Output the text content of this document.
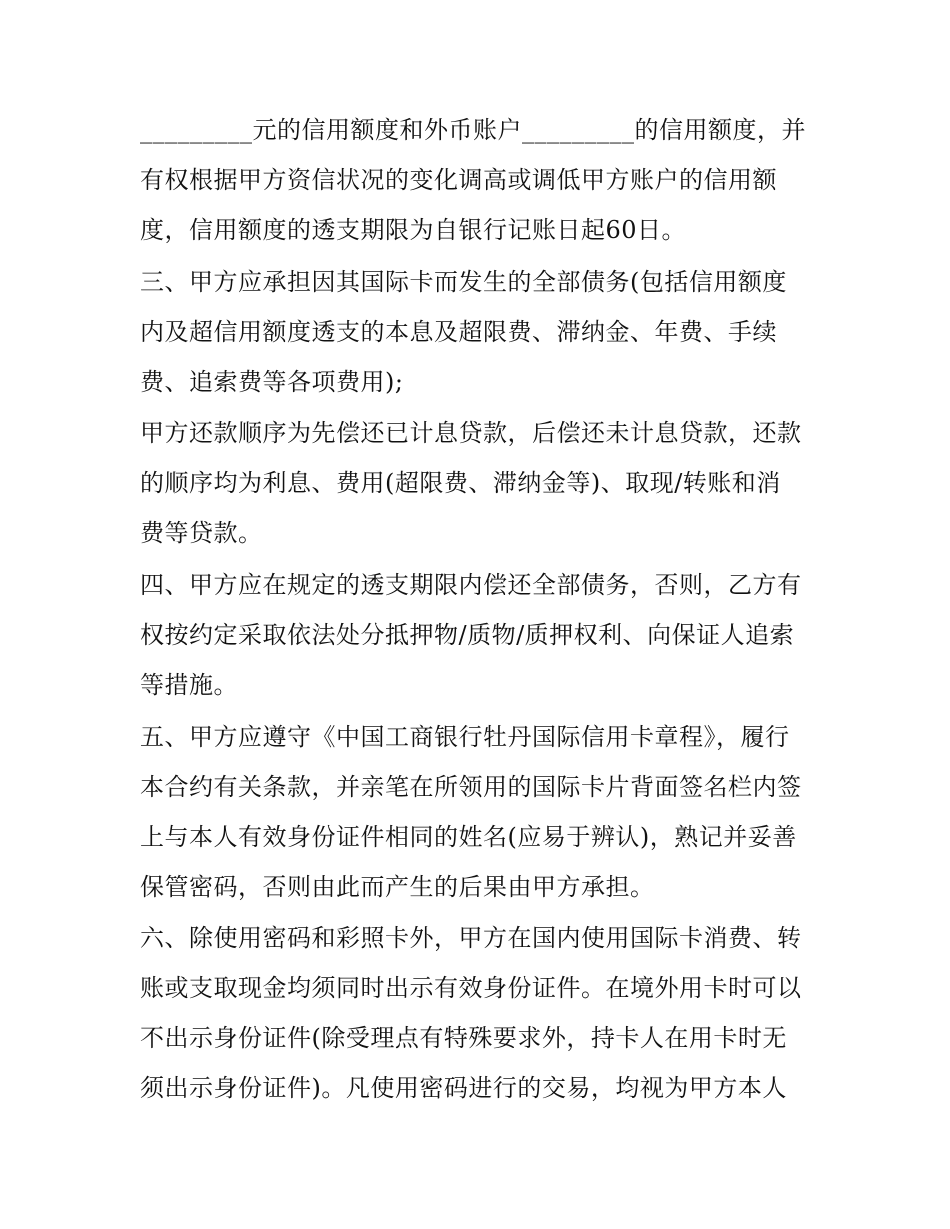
_________元的信用额度和外币账户_________的信用额度，并
有权根据甲方资信状况的变化调高或调低甲方账户的信用额
度，信用额度的透支期限为自银行记账日起60日。
三、甲方应承担因其国际卡而发生的全部债务(包括信用额度
内及超信用额度透支的本息及超限费、滞纳金、年费、手续
费、追索费等各项费用);
甲方还款顺序为先偿还已计息贷款，后偿还未计息贷款，还款
的顺序均为利息、费用(超限费、滞纳金等)、取现/转账和消
费等贷款。
四、甲方应在规定的透支期限内偿还全部债务，否则，乙方有
权按约定采取依法处分抵押物/质物/质押权利、向保证人追索
等措施。
五、甲方应遵守《中国工商银行牡丹国际信用卡章程》，履行
本合约有关条款，并亲笔在所领用的国际卡片背面签名栏内签
上与本人有效身份证件相同的姓名(应易于辨认)，熟记并妥善
保管密码，否则由此而产生的后果由甲方承担。
六、除使用密码和彩照卡外，甲方在国内使用国际卡消费、转
账或支取现金均须同时出示有效身份证件。在境外用卡时可以
不出示身份证件(除受理点有特殊要求外，持卡人在用卡时无
须出示身份证件)。凡使用密码进行的交易，均视为甲方本人
